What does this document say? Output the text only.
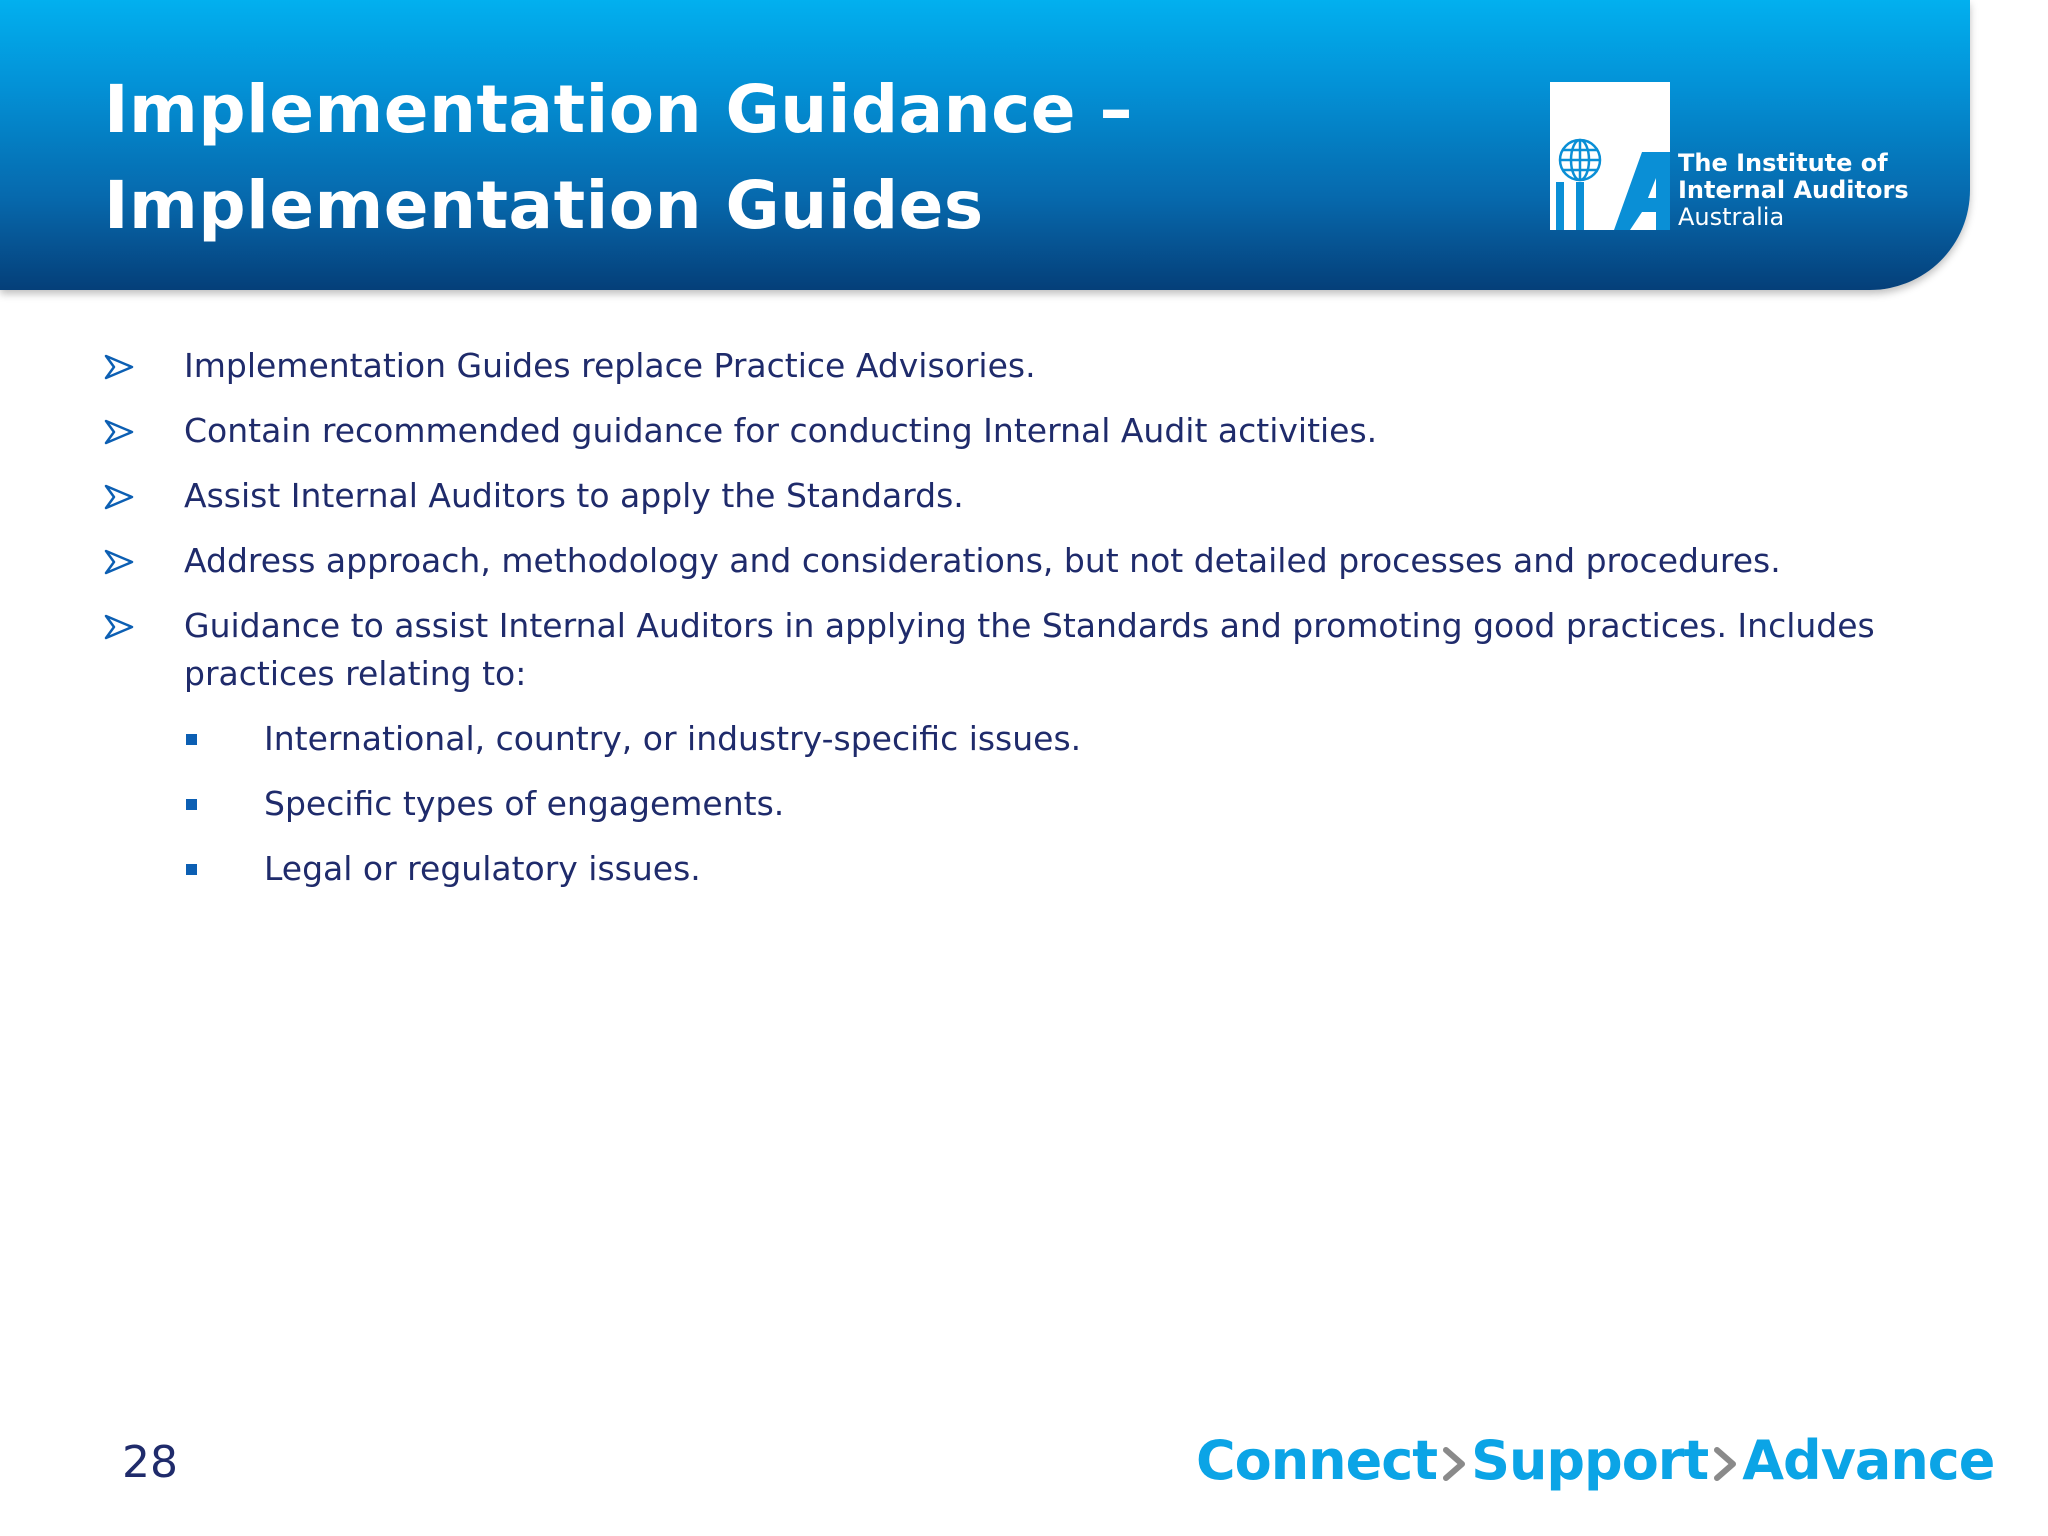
Implementation Guidance –
Implementation Guides
The Institute of
Internal Auditors
Australia
Implementation Guides replace Practice Advisories.
Contain recommended guidance for conducting Internal Audit activities.
Assist Internal Auditors to apply the Standards.
Address approach, methodology and considerations, but not detailed processes and procedures.
Guidance to assist Internal Auditors in applying the Standards and promoting good practices. Includes practices relating to:
International, country, or industry-specific issues.
Specific types of engagements.
Legal or regulatory issues.
28	Connect Support Advance
